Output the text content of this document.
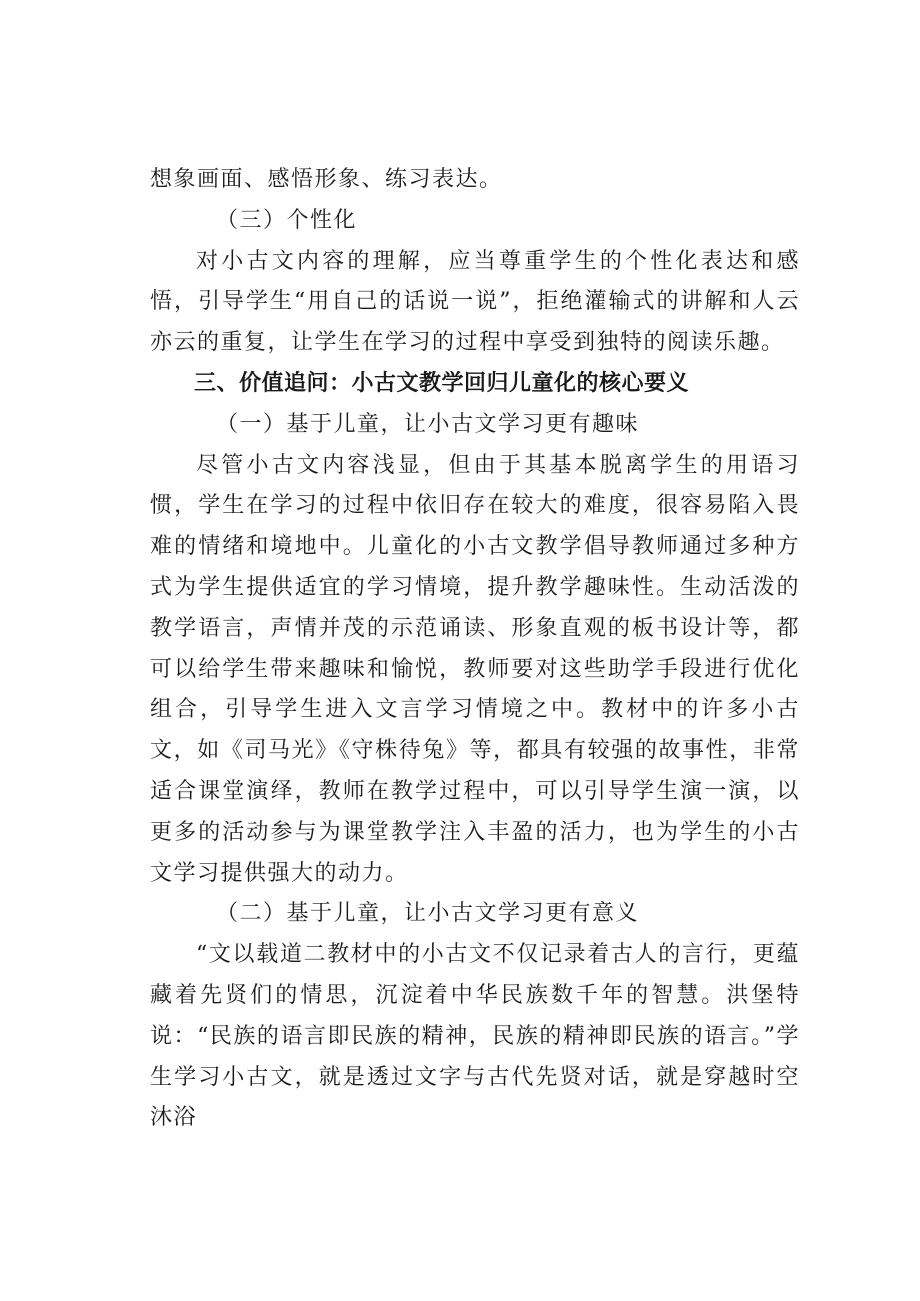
想象画面、感悟形象、练习表达。

（三）个性化

对小古文内容的理解，应当尊重学生的个性化表达和感悟，引导学生“用自己的话说一说”，拒绝灌输式的讲解和人云亦云的重复，让学生在学习的过程中享受到独特的阅读乐趣。

三、价值追问：小古文教学回归儿童化的核心要义

（一）基于儿童，让小古文学习更有趣味

尽管小古文内容浅显，但由于其基本脱离学生的用语习惯，学生在学习的过程中依旧存在较大的难度，很容易陷入畏难的情绪和境地中。儿童化的小古文教学倡导教师通过多种方式为学生提供适宜的学习情境，提升教学趣味性。生动活泼的教学语言，声情并茂的示范诵读、形象直观的板书设计等，都可以给学生带来趣味和愉悦，教师要对这些助学手段进行优化组合，引导学生进入文言学习情境之中。教材中的许多小古文，如《司马光》《守株待兔》等，都具有较强的故事性，非常适合课堂演绎，教师在教学过程中，可以引导学生演一演，以更多的活动参与为课堂教学注入丰盈的活力，也为学生的小古文学习提供强大的动力。

（二）基于儿童，让小古文学习更有意义

“文以载道二教材中的小古文不仅记录着古人的言行，更蕴藏着先贤们的情思，沉淀着中华民族数千年的智慧。洪堡特说：“民族的语言即民族的精神，民族的精神即民族的语言。”学生学习小古文，就是透过文字与古代先贤对话，就是穿越时空沐浴
